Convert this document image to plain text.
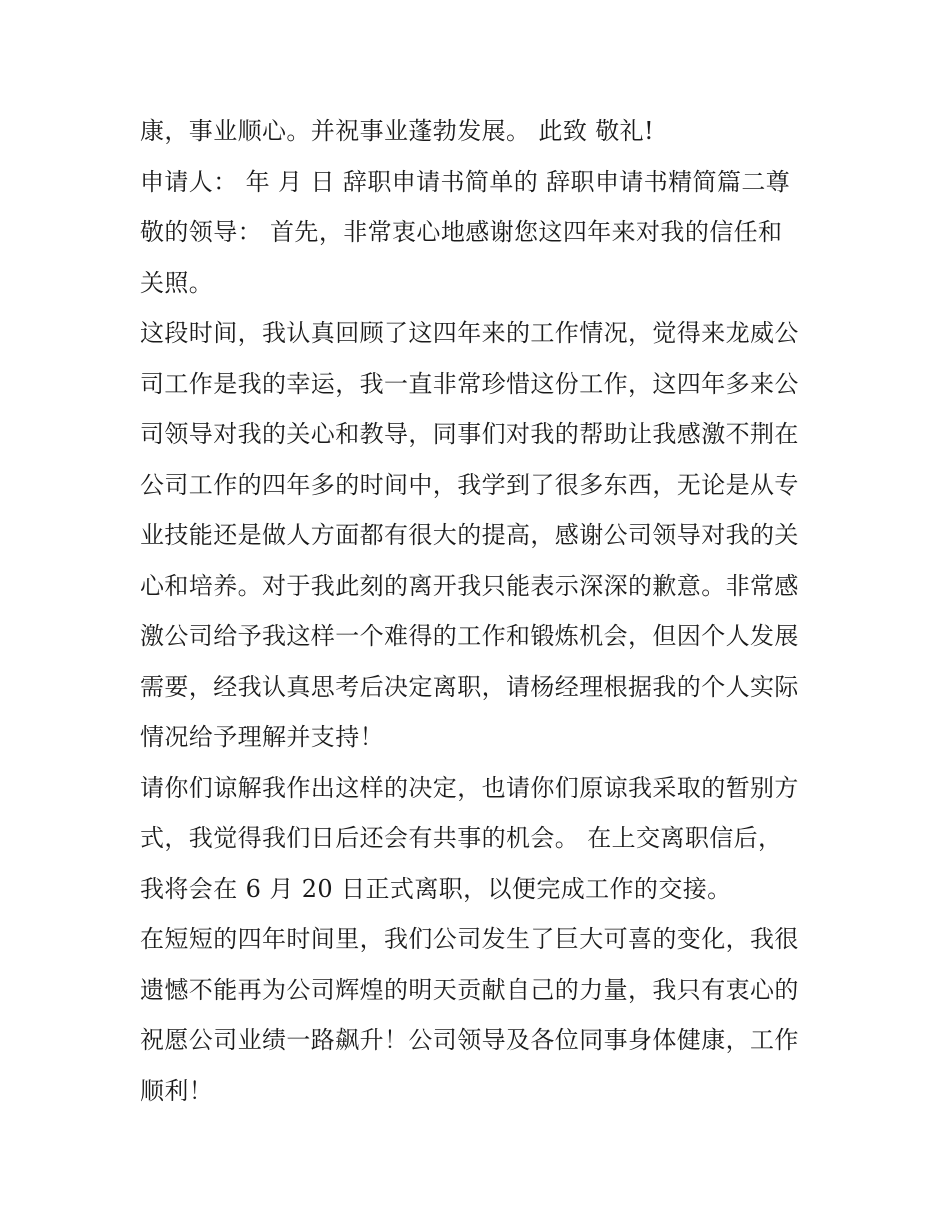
康，事业顺心。并祝事业蓬勃发展。 此致 敬礼!
申请人： 年 月 日 辞职申请书简单的 辞职申请书精简篇二尊
敬的领导： 首先，非常衷心地感谢您这四年来对我的信任和
关照。
这段时间，我认真回顾了这四年来的工作情况，觉得来龙威公
司工作是我的幸运，我一直非常珍惜这份工作，这四年多来公
司领导对我的关心和教导，同事们对我的帮助让我感激不荆在
公司工作的四年多的时间中，我学到了很多东西，无论是从专
业技能还是做人方面都有很大的提高，感谢公司领导对我的关
心和培养。对于我此刻的离开我只能表示深深的歉意。非常感
激公司给予我这样一个难得的工作和锻炼机会，但因个人发展
需要，经我认真思考后决定离职，请杨经理根据我的个人实际
情况给予理解并支持！
请你们谅解我作出这样的决定，也请你们原谅我采取的暂别方
式，我觉得我们日后还会有共事的机会。 在上交离职信后，
我将会在 6 月 20 日正式离职，以便完成工作的交接。
在短短的四年时间里，我们公司发生了巨大可喜的变化，我很
遗憾不能再为公司辉煌的明天贡献自己的力量，我只有衷心的
祝愿公司业绩一路飙升！公司领导及各位同事身体健康，工作
顺利！
